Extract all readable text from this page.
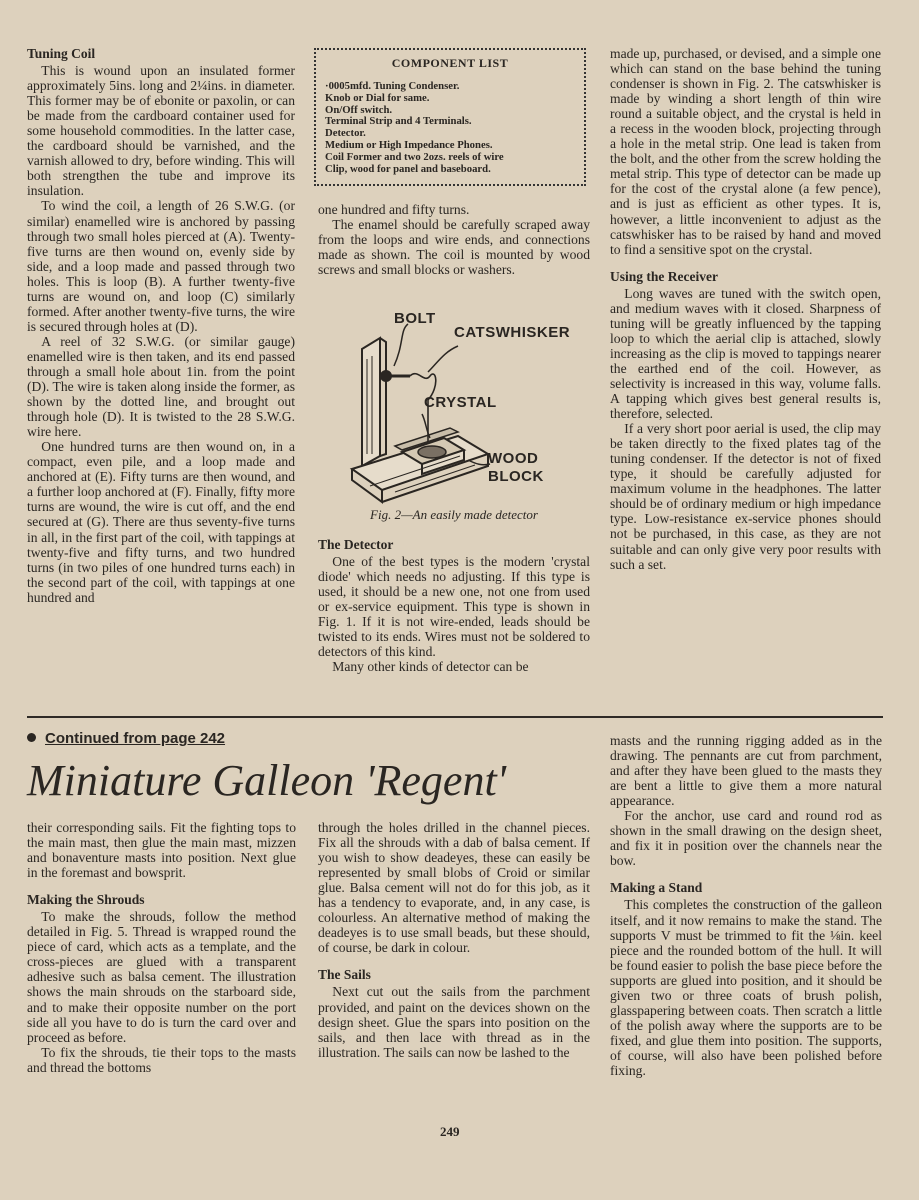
Tuning Coil

This is wound upon an insulated former approximately 5ins. long and 2¼ins. in diameter. This former may be of ebonite or paxolin, or can be made from the cardboard container used for some household commodities. In the latter case, the cardboard should be varnished, and the varnish allowed to dry, before winding. This will both strengthen the tube and improve its insulation.

To wind the coil, a length of 26 S.W.G. (or similar) enamelled wire is anchored by passing through two small holes pierced at (A). Twenty-five turns are then wound on, evenly side by side, and a loop made and passed through two holes. This is loop (B). A further twenty-five turns are wound on, and loop (C) similarly formed. After another twenty-five turns, the wire is secured through holes at (D).

A reel of 32 S.W.G. (or similar gauge) enamelled wire is then taken, and its end passed through a small hole about 1in. from the point (D). The wire is taken along inside the former, as shown by the dotted line, and brought out through hole (D). It is twisted to the 28 S.W.G. wire here.

One hundred turns are then wound on, in a compact, even pile, and a loop made and anchored at (E). Fifty turns are then wound, and a further loop anchored at (F). Finally, fifty more turns are wound, the wire is cut off, and the end secured at (G). There are thus seventy-five turns in all, in the first part of the coil, with tappings at twenty-five and fifty turns, and two hundred turns (in two piles of one hundred turns each) in the second part of the coil, with tappings at one hundred and

COMPONENT LIST
·0005mfd. Tuning Condenser.
Knob or Dial for same.
On/Off switch.
Terminal Strip and 4 Terminals.
Detector.
Medium or High Impedance Phones.
Coil Former and two 2ozs. reels of wire
Clip, wood for panel and baseboard.

one hundred and fifty turns.

The enamel should be carefully scraped away from the loops and wire ends, and connections made as shown. The coil is mounted by wood screws and small blocks or washers.

BOLT
CATSWHISKER
CRYSTAL
WOOD
BLOCK
Fig. 2—An easily made detector
The Detector

One of the best types is the modern 'crystal diode' which needs no adjusting. If this type is used, it should be a new one, not one from used or ex-service equipment. This type is shown in Fig. 1. If it is not wire-ended, leads should be twisted to its ends. Wires must not be soldered to detectors of this kind.

Many other kinds of detector can be

made up, purchased, or devised, and a simple one which can stand on the base behind the tuning condenser is shown in Fig. 2. The catswhisker is made by winding a short length of thin wire round a suitable object, and the crystal is held in a recess in the wooden block, projecting through a hole in the metal strip. One lead is taken from the bolt, and the other from the screw holding the metal strip. This type of detector can be made up for the cost of the crystal alone (a few pence), and is just as efficient as other types. It is, however, a little inconvenient to adjust as the catswhisker has to be raised by hand and moved to find a sensitive spot on the crystal.

Using the Receiver

Long waves are tuned with the switch open, and medium waves with it closed. Sharpness of tuning will be greatly influenced by the tapping loop to which the aerial clip is attached, slowly increasing as the clip is moved to tappings nearer the earthed end of the coil. However, as selectivity is increased in this way, volume falls. A tapping which gives best general results is, therefore, selected.

If a very short poor aerial is used, the clip may be taken directly to the fixed plates tag of the tuning condenser. If the detector is not of fixed type, it should be carefully adjusted for maximum volume in the headphones. The latter should be of ordinary medium or high impedance type. Low-resistance ex-service phones should not be purchased, in this case, as they are not suitable and can only give very poor results with such a set.

Continued from page 242
Miniature Galleon 'Regent'

their corresponding sails. Fit the fighting tops to the main mast, then glue the main mast, mizzen and bonaventure masts into position. Next glue in the foremast and bowsprit.

Making the Shrouds

To make the shrouds, follow the method detailed in Fig. 5. Thread is wrapped round the piece of card, which acts as a template, and the cross-pieces are glued with a transparent adhesive such as balsa cement. The illustration shows the main shrouds on the starboard side, and to make their opposite number on the port side all you have to do is turn the card over and proceed as before.

To fix the shrouds, tie their tops to the masts and thread the bottoms

through the holes drilled in the channel pieces. Fix all the shrouds with a dab of balsa cement. If you wish to show deadeyes, these can easily be represented by small blobs of Croid or similar glue. Balsa cement will not do for this job, as it has a tendency to evaporate, and, in any case, is colourless. An alternative method of making the deadeyes is to use small beads, but these should, of course, be dark in colour.

The Sails

Next cut out the sails from the parchment provided, and paint on the devices shown on the design sheet. Glue the spars into position on the sails, and then lace with thread as in the illustration. The sails can now be lashed to the

masts and the running rigging added as in the drawing. The pennants are cut from parchment, and after they have been glued to the masts they are bent a little to give them a more natural appearance.

For the anchor, use card and round rod as shown in the small drawing on the design sheet, and fix it in position over the channels near the bow.

Making a Stand

This completes the construction of the galleon itself, and it now remains to make the stand. The supports V must be trimmed to fit the ⅛in. keel piece and the rounded bottom of the hull. It will be found easier to polish the base piece before the supports are glued into position, and it should be given two or three coats of brush polish, glasspapering between coats. Then scratch a little of the polish away where the supports are to be fixed, and glue them into position. The supports, of course, will also have been polished before fixing.

249
